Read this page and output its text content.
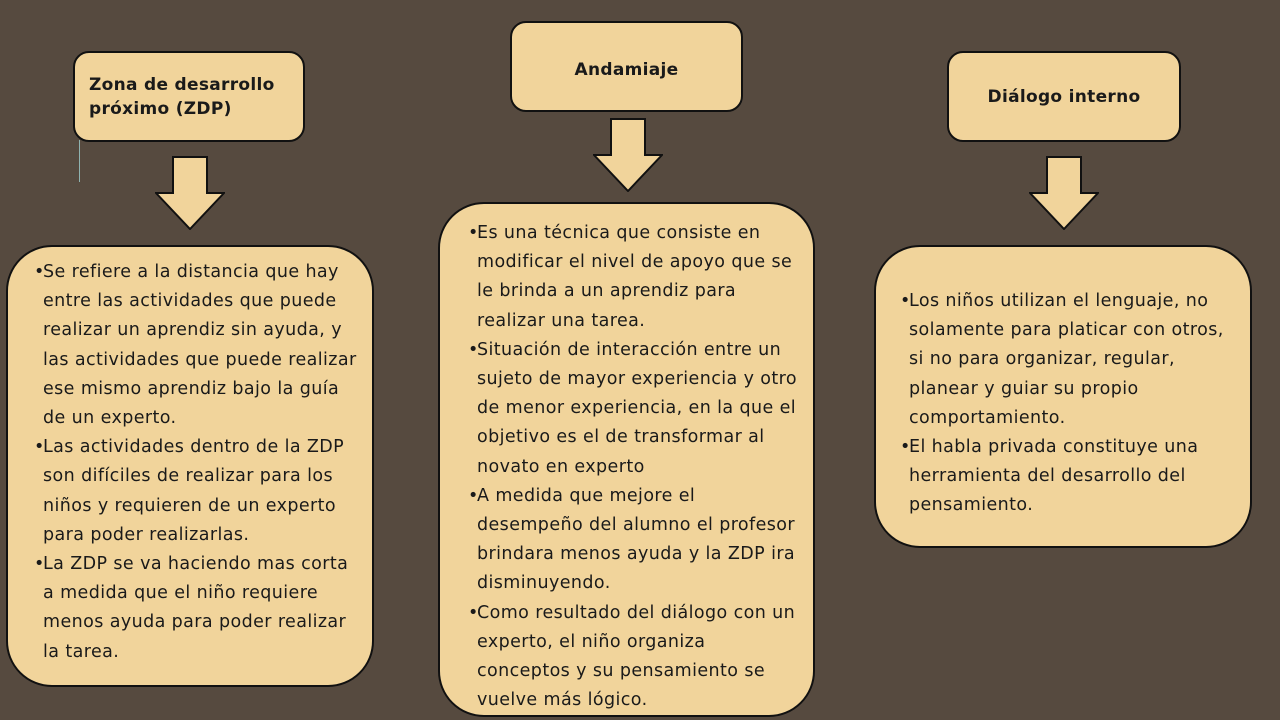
Zona de desarrollo próximo (ZDP)
• Se refiere a la distancia que hay entre las actividades que puede realizar un aprendiz sin ayuda, y las actividades que puede realizar ese mismo aprendiz bajo la guía de un experto.
• Las actividades dentro de la ZDP son difíciles de realizar para los niños y requieren de un experto para poder realizarlas.
• La ZDP se va haciendo mas corta a medida que el niño requiere menos ayuda para poder realizar la tarea.
Andamiaje
• Es una técnica que consiste en modificar el nivel de apoyo que se le brinda a un aprendiz para realizar una tarea.
• Situación de interacción entre un sujeto de mayor experiencia y otro de menor experiencia, en la que el objetivo es el de transformar al novato en experto
• A medida que mejore el desempeño del alumno el profesor brindara menos ayuda y la ZDP ira disminuyendo.
• Como resultado del diálogo con un experto, el niño organiza conceptos y su pensamiento se vuelve más lógico.
Diálogo interno
• Los niños utilizan el lenguaje, no solamente para platicar con otros, si no para organizar, regular, planear y guiar su propio comportamiento.
• El habla privada constituye una herramienta del desarrollo del pensamiento.
